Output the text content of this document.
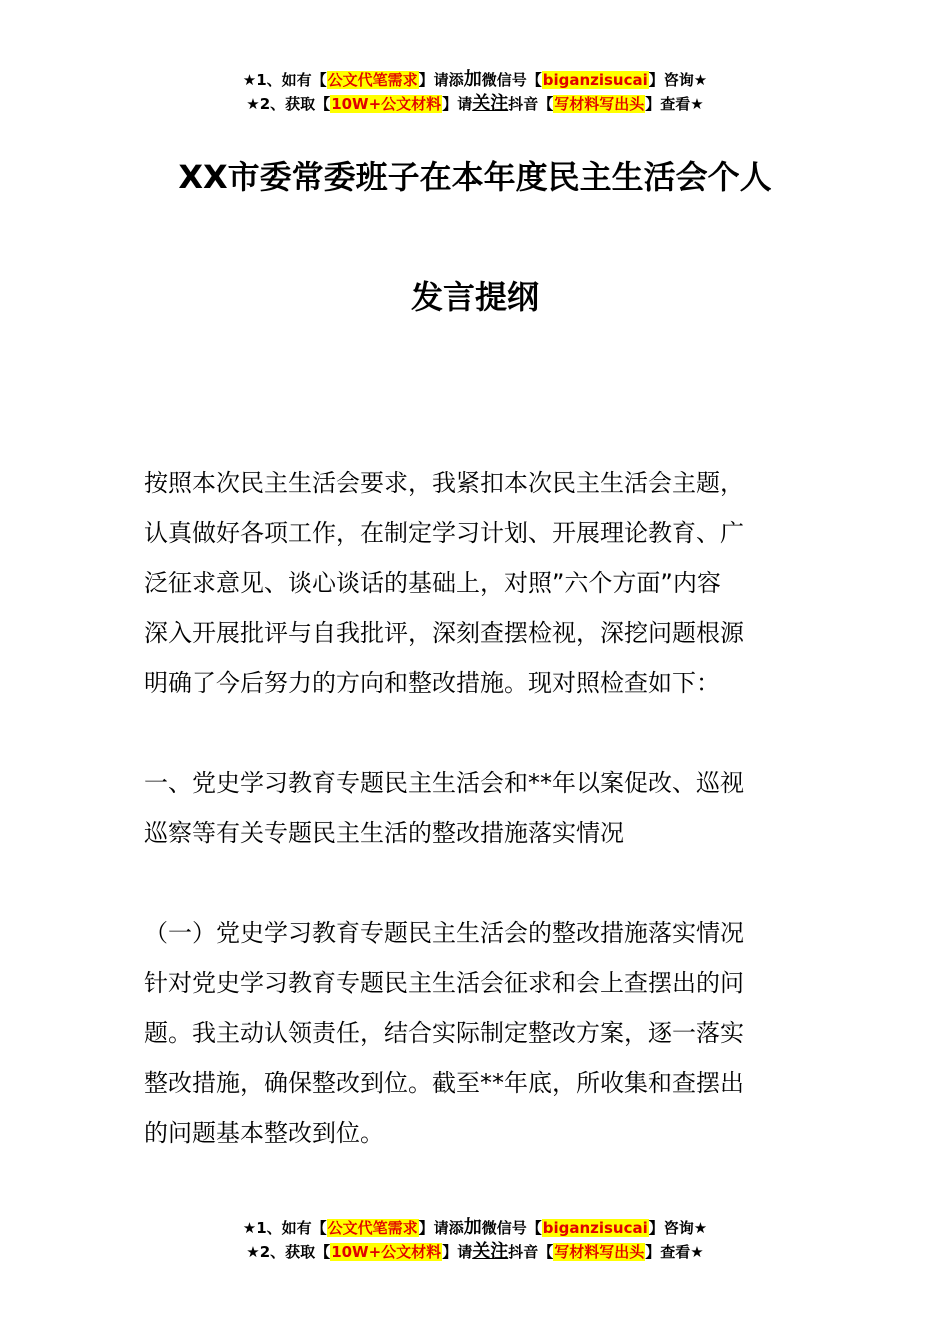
★1、如有【公文代笔需求】请添加微信号【biganzisucai】咨询★
★2、获取【10W+公文材料】请关注抖音【写材料写出头】查看★
XX市委常委班子在本年度民主生活会个人
发言提纲
按照本次民主生活会要求，我紧扣本次民主生活会主题，
认真做好各项工作，在制定学习计划、开展理论教育、广
泛征求意见、谈心谈话的基础上，对照”六个方面”内容
深入开展批评与自我批评，深刻查摆检视，深挖问题根源
明确了今后努力的方向和整改措施。现对照检查如下：
一、党史学习教育专题民主生活会和**年以案促改、巡视
巡察等有关专题民主生活的整改措施落实情况
（一）党史学习教育专题民主生活会的整改措施落实情况
针对党史学习教育专题民主生活会征求和会上查摆出的问
题。我主动认领责任，结合实际制定整改方案，逐一落实
整改措施，确保整改到位。截至**年底，所收集和查摆出
的问题基本整改到位。
★1、如有【公文代笔需求】请添加微信号【biganzisucai】咨询★
★2、获取【10W+公文材料】请关注抖音【写材料写出头】查看★
